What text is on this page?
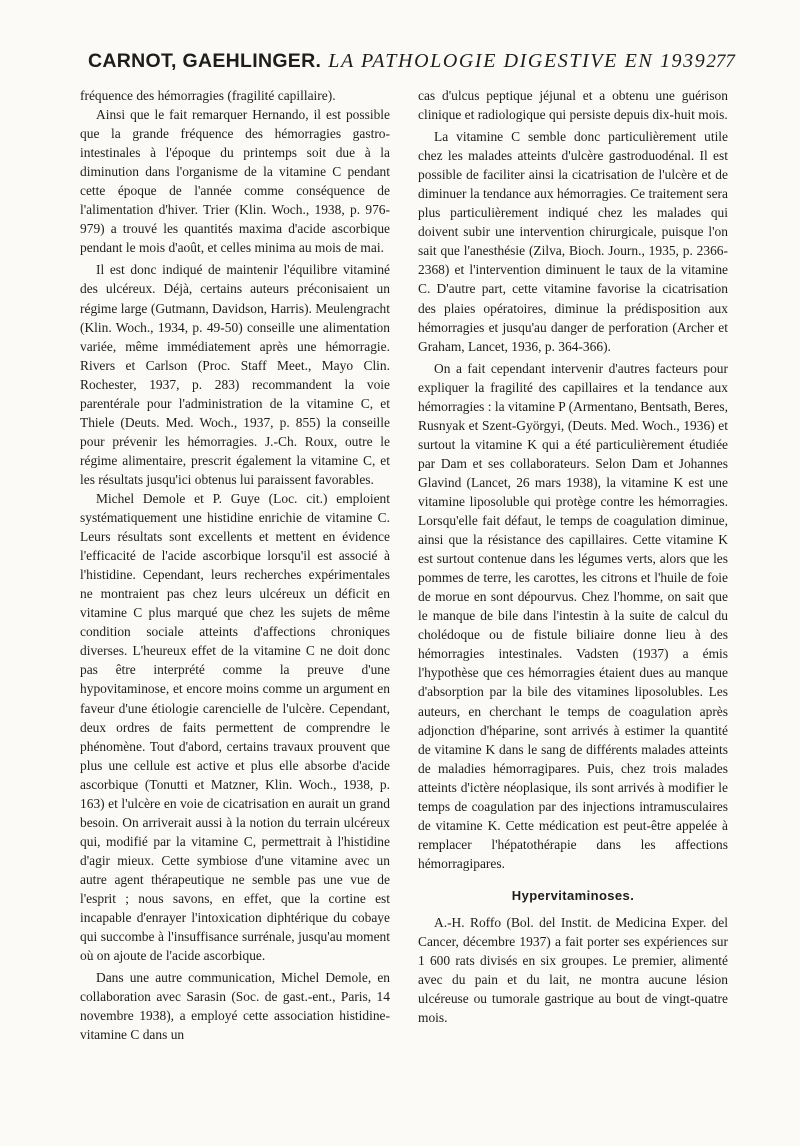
CARNOT, GAEHLINGER. LA PATHOLOGIE DIGESTIVE EN 1939 277

fréquence des hémorragies (fragilité capillaire).

Ainsi que le fait remarquer Hernando, il est possible que la grande fréquence des hémorragies gastro-intestinales à l'époque du printemps soit due à la diminution dans l'organisme de la vitamine C pendant cette époque de l'année comme conséquence de l'alimentation d'hiver. Trier (Klin. Woch., 1938, p. 976-979) a trouvé les quantités maxima d'acide ascorbique pendant le mois d'août, et celles minima au mois de mai.

Il est donc indiqué de maintenir l'équilibre vitaminé des ulcéreux. Déjà, certains auteurs préconisaient un régime large (Gutmann, Davidson, Harris). Meulengracht (Klin. Woch., 1934, p. 49-50) conseille une alimentation variée, même immédiatement après une hémorragie. Rivers et Carlson (Proc. Staff Meet., Mayo Clin. Rochester, 1937, p. 283) recommandent la voie parentérale pour l'administration de la vitamine C, et Thiele (Deuts. Med. Woch., 1937, p. 855) la conseille pour prévenir les hémorragies. J.-Ch. Roux, outre le régime alimentaire, prescrit également la vitamine C, et les résultats jusqu'ici obtenus lui paraissent favorables.

Michel Demole et P. Guye (Loc. cit.) emploient systématiquement une histidine enrichie de vitamine C. Leurs résultats sont excellents et mettent en évidence l'efficacité de l'acide ascorbique lorsqu'il est associé à l'histidine. Cependant, leurs recherches expérimentales ne montraient pas chez leurs ulcéreux un déficit en vitamine C plus marqué que chez les sujets de même condition sociale atteints d'affections chroniques diverses. L'heureux effet de la vitamine C ne doit donc pas être interprété comme la preuve d'une hypovitaminose, et encore moins comme un argument en faveur d'une étiologie carencielle de l'ulcère. Cependant, deux ordres de faits permettent de comprendre le phénomène. Tout d'abord, certains travaux prouvent que plus une cellule est active et plus elle absorbe d'acide ascorbique (Tonutti et Matzner, Klin. Woch., 1938, p. 163) et l'ulcère en voie de cicatrisation en aurait un grand besoin. On arriverait aussi à la notion du terrain ulcéreux qui, modifié par la vitamine C, permettrait à l'histidine d'agir mieux. Cette symbiose d'une vitamine avec un autre agent thérapeutique ne semble pas une vue de l'esprit ; nous savons, en effet, que la cortine est incapable d'enrayer l'intoxication diphtérique du cobaye qui succombe à l'insuffisance surrénale, jusqu'au moment où on ajoute de l'acide ascorbique.

Dans une autre communication, Michel Demole, en collaboration avec Sarasin (Soc. de gast.-ent., Paris, 14 novembre 1938), a employé cette association histidine-vitamine C dans un

cas d'ulcus peptique jéjunal et a obtenu une guérison clinique et radiologique qui persiste depuis dix-huit mois.

La vitamine C semble donc particulièrement utile chez les malades atteints d'ulcère gastroduodénal. Il est possible de faciliter ainsi la cicatrisation de l'ulcère et de diminuer la tendance aux hémorragies. Ce traitement sera plus particulièrement indiqué chez les malades qui doivent subir une intervention chirurgicale, puisque l'on sait que l'anesthésie (Zilva, Bioch. Journ., 1935, p. 2366-2368) et l'intervention diminuent le taux de la vitamine C. D'autre part, cette vitamine favorise la cicatrisation des plaies opératoires, diminue la prédisposition aux hémorragies et jusqu'au danger de perforation (Archer et Graham, Lancet, 1936, p. 364-366).

On a fait cependant intervenir d'autres facteurs pour expliquer la fragilité des capillaires et la tendance aux hémorragies : la vitamine P (Armentano, Bentsath, Beres, Rusnyak et Szent-Györgyi, (Deuts. Med. Woch., 1936) et surtout la vitamine K qui a été particulièrement étudiée par Dam et ses collaborateurs. Selon Dam et Johannes Glavind (Lancet, 26 mars 1938), la vitamine K est une vitamine liposoluble qui protège contre les hémorragies. Lorsqu'elle fait défaut, le temps de coagulation diminue, ainsi que la résistance des capillaires. Cette vitamine K est surtout contenue dans les légumes verts, alors que les pommes de terre, les carottes, les citrons et l'huile de foie de morue en sont dépourvus. Chez l'homme, on sait que le manque de bile dans l'intestin à la suite de calcul du cholédoque ou de fistule biliaire donne lieu à des hémorragies intestinales. Vadsten (1937) a émis l'hypothèse que ces hémorragies étaient dues au manque d'absorption par la bile des vitamines liposolubles. Les auteurs, en cherchant le temps de coagulation après adjonction d'héparine, sont arrivés à estimer la quantité de vitamine K dans le sang de différents malades atteints de maladies hémorragipares. Puis, chez trois malades atteints d'ictère néoplasique, ils sont arrivés à modifier le temps de coagulation par des injections intramusculaires de vitamine K. Cette médication est peut-être appelée à remplacer l'hépatothérapie dans les affections hémorragipares.

Hypervitaminoses.

A.-H. Roffo (Bol. del Instit. de Medicina Exper. del Cancer, décembre 1937) a fait porter ses expériences sur 1 600 rats divisés en six groupes. Le premier, alimenté avec du pain et du lait, ne montra aucune lésion ulcéreuse ou tumorale gastrique au bout de vingt-quatre mois.
